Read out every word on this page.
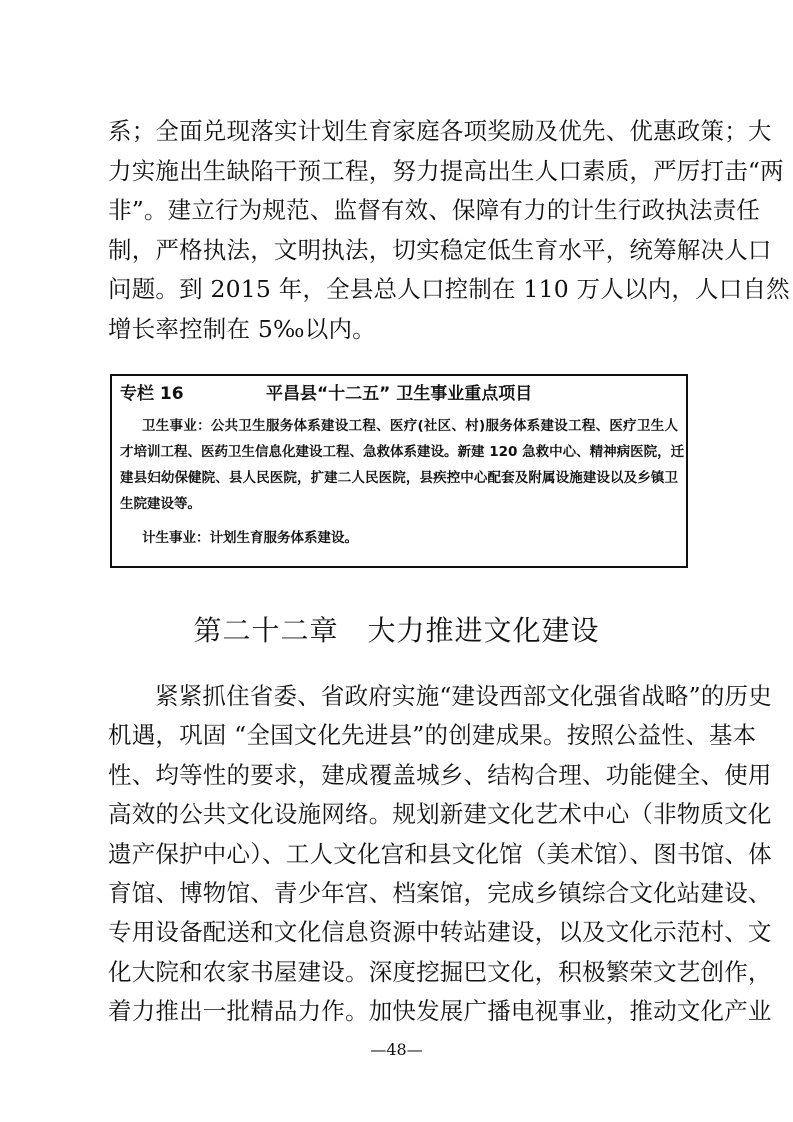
系；全面兑现落实计划生育家庭各项奖励及优先、优惠政策；大
力实施出生缺陷干预工程，努力提高出生人口素质，严厉打击“两
非”。建立行为规范、监督有效、保障有力的计生行政执法责任
制，严格执法，文明执法，切实稳定低生育水平，统筹解决人口
问题。到 2015 年，全县总人口控制在 110 万人以内，人口自然
增长率控制在 5‰以内。
专栏 16	平昌县“十二五” 卫生事业重点项目
卫生事业：公共卫生服务体系建设工程、医疗(社区、村)服务体系建设工程、医疗卫生人
才培训工程、医药卫生信息化建设工程、急救体系建设。新建 120 急救中心、精神病医院，迁
建县妇幼保健院、县人民医院，扩建二人民医院，县疾控中心配套及附属设施建设以及乡镇卫
生院建设等。
计生事业：计划生育服务体系建设。
第二十二章　大力推进文化建设
紧紧抓住省委、省政府实施“建设西部文化强省战略”的历史
机遇，巩固 “全国文化先进县”的创建成果。按照公益性、基本
性、均等性的要求，建成覆盖城乡、结构合理、功能健全、使用
高效的公共文化设施网络。规划新建文化艺术中心（非物质文化
遗产保护中心）、工人文化宫和县文化馆（美术馆）、图书馆、体
育馆、博物馆、青少年宫、档案馆，完成乡镇综合文化站建设、
专用设备配送和文化信息资源中转站建设，以及文化示范村、文
化大院和农家书屋建设。深度挖掘巴文化，积极繁荣文艺创作，
着力推出一批精品力作。加快发展广播电视事业，推动文化产业
—48—
